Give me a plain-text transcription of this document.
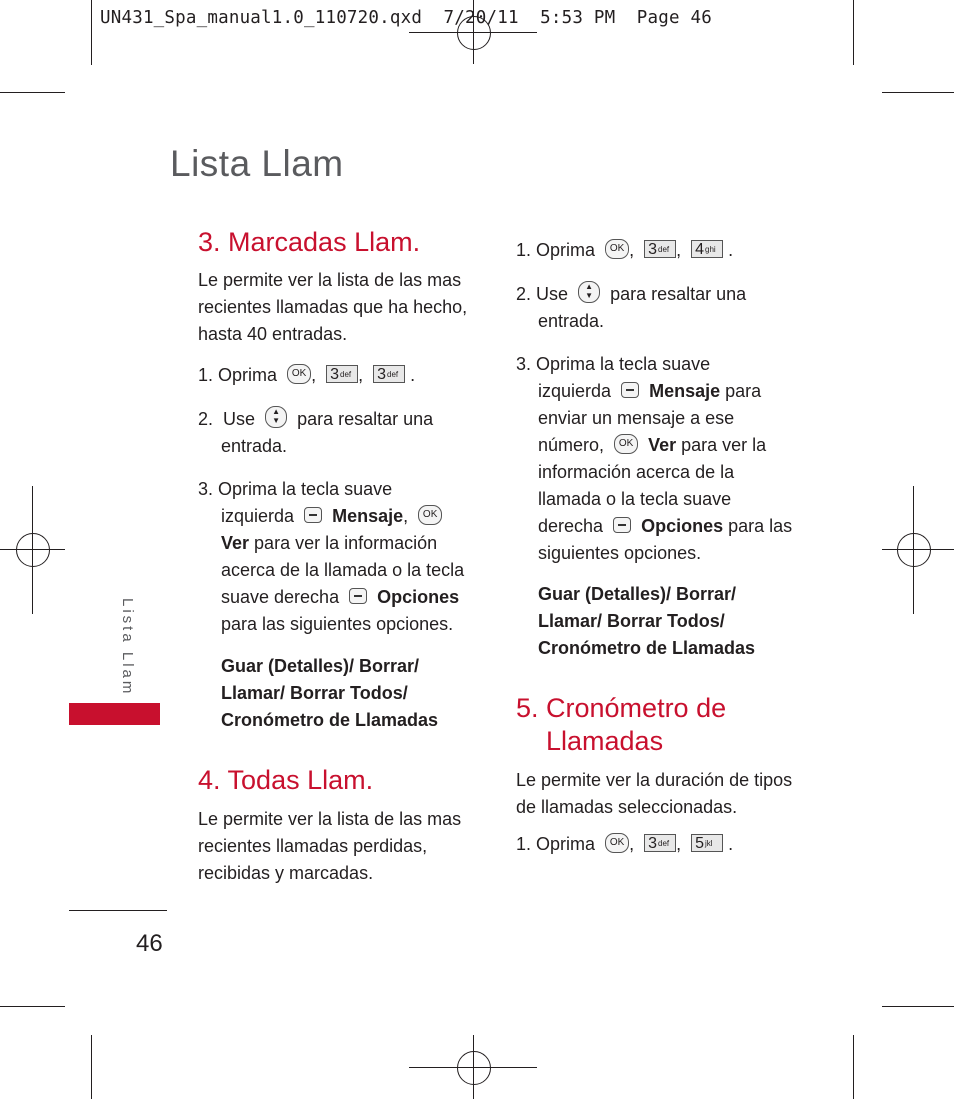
UN431_Spa_manual1.0_110720.qxd  7/20/11  5:53 PM  Page 46
Lista Llam
Lista Llam
46
3. Marcadas Llam.
Le permite ver la lista de las mas
recientes llamadas que ha hecho,
hasta 40 entradas.
1. Oprima OK , $3^{def}$ , $3^{def}$ .
2. Use ▲
▼ para resaltar una
entrada.
3. Oprima la tecla suave
izquierda Mensaje, OK
Ver para ver la información
acerca de la llamada o la tecla
suave derecha Opciones
para las siguientes opciones.
Guar (Detalles)/ Borrar/
Llamar/ Borrar Todos/
Cronómetro de Llamadas
4. Todas Llam.
Le permite ver la lista de las mas
recientes llamadas perdidas,
recibidas y marcadas.
1. Oprima OK , $3^{def}$ , $4^{ghi}$ .
2. Use ▲
▼ para resaltar una
entrada.
3. Oprima la tecla suave
izquierda Mensaje para
enviar un mensaje a ese
número, OK Ver para ver la
información acerca de la
llamada o la tecla suave
derecha Opciones para las
siguientes opciones.
Guar (Detalles)/ Borrar/
Llamar/ Borrar Todos/
Cronómetro de Llamadas
5. Cronómetro de
Llamadas
Le permite ver la duración de tipos
de llamadas seleccionadas.
1. Oprima OK , $3^{def}$ , $5^{jkl}$ .
